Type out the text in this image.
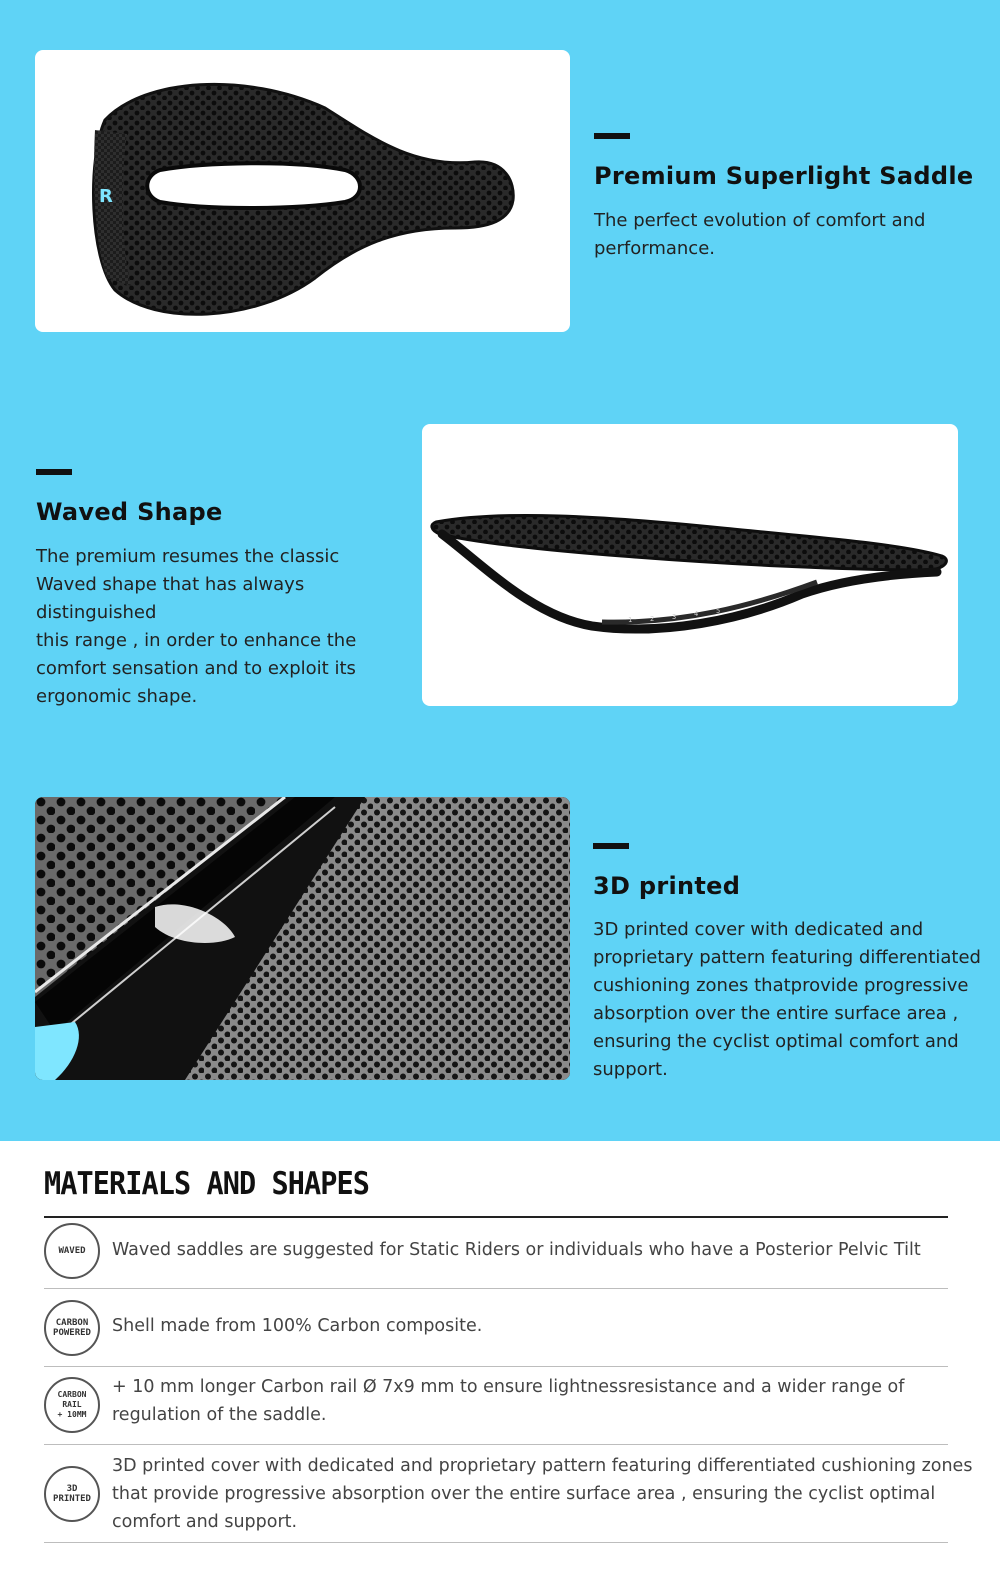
R
Premium Superlight Saddle

The perfect evolution of comfort and
performance.

Waved Shape

The premium resumes the classic
Waved shape that has always distinguished
this range , in order to enhance the
comfort sensation and to exploit its
ergonomic shape.

1	2	3	4	5
3D printed

3D printed cover with dedicated and
proprietary pattern featuring differentiated
cushioning zones thatprovide progressive
absorption over the entire surface area ,
ensuring the cyclist optimal comfort and
support.

MATERIALS AND SHAPES
WAVED Waved saddles are suggested for Static Riders or individuals who have a Posterior Pelvic Tilt

CARBON
POWERED Shell made from 100% Carbon composite.

CARBON RAIL
+ 10MM

+ 10 mm longer Carbon rail Ø 7x9 mm to ensure lightnessresistance and a wider range of
regulation of the saddle.

3D
PRINTED

3D printed cover with dedicated and proprietary pattern featuring differentiated cushioning zones
that provide progressive absorption over the entire surface area , ensuring the cyclist optimal
comfort and support.
